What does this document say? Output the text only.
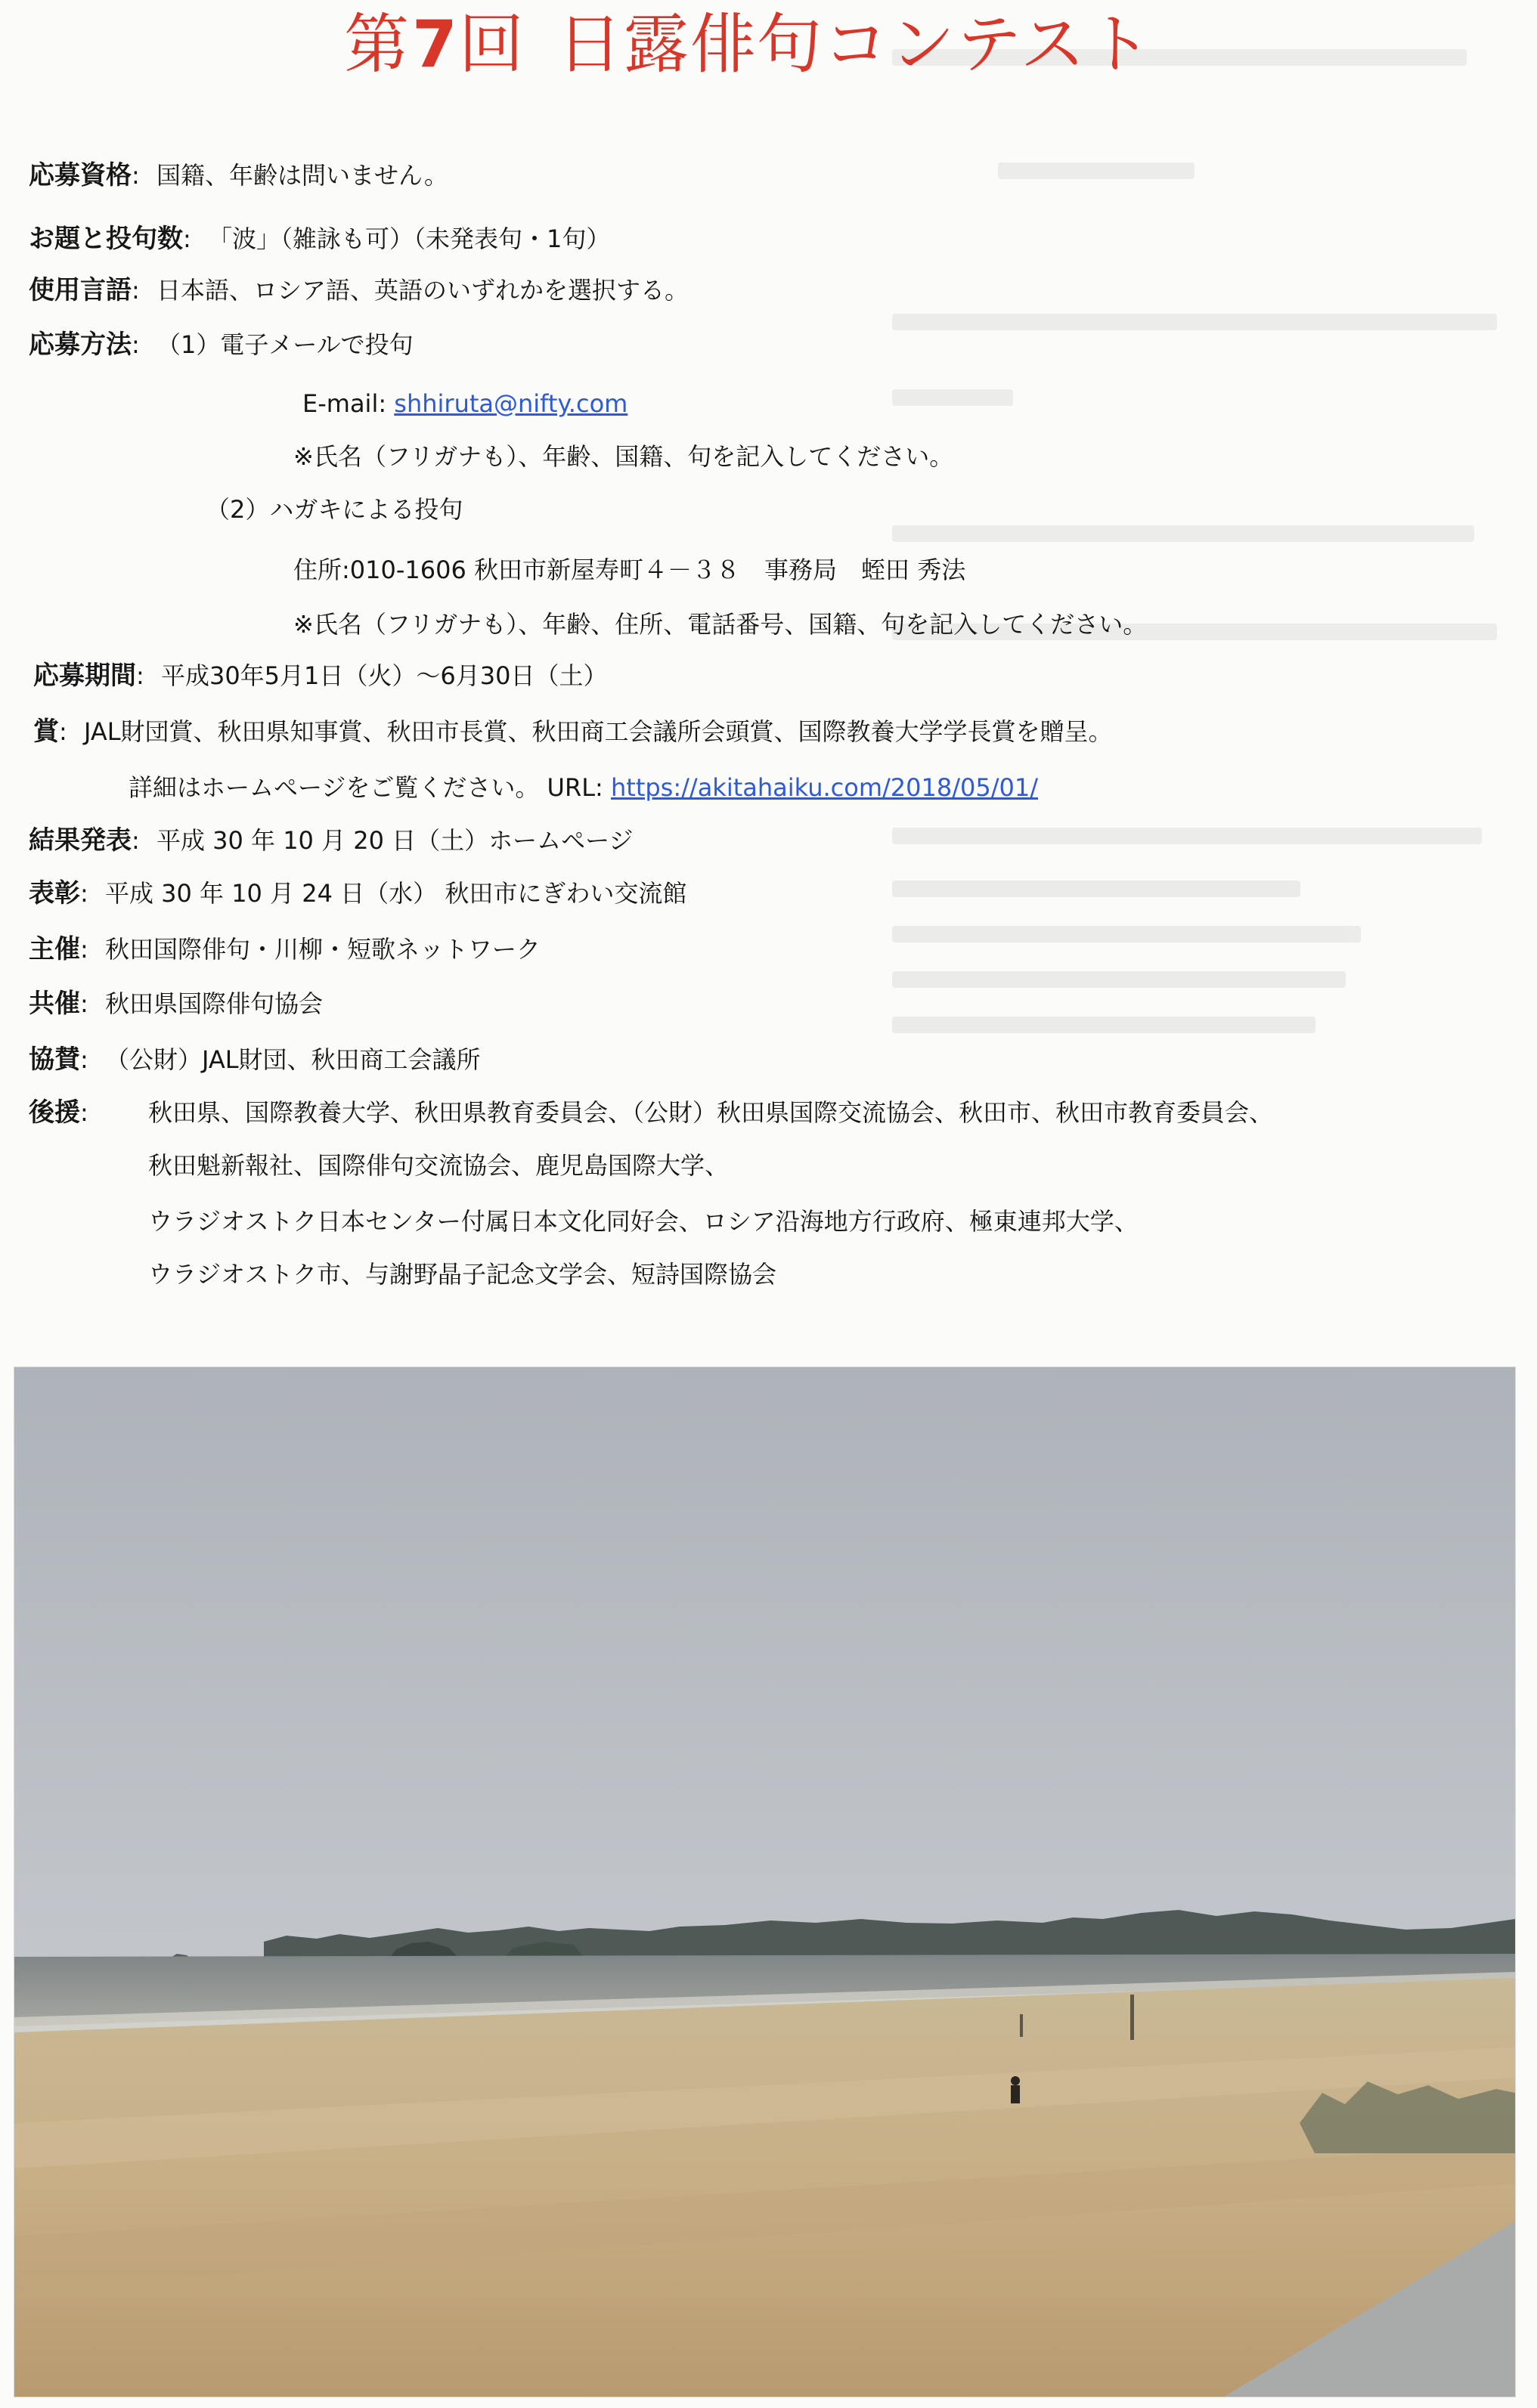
第7回 日露俳句コンテスト
応募資格: 国籍、年齢は問いません。
お題と投句数: 「波」（雑詠も可）（未発表句・1句）
使用言語: 日本語、ロシア語、英語のいずれかを選択する。
応募方法: （1）電子メールで投句
E-mail: shhiruta@nifty.com
※氏名（フリガナも）、年齢、国籍、句を記入してください。
（2）ハガキによる投句
住所:010-1606 秋田市新屋寿町４－３８　事務局　蛭田 秀法
※氏名（フリガナも）、年齢、住所、電話番号、国籍、句を記入してください。
応募期間: 平成30年5月1日（火）～6月30日（土）
賞: JAL財団賞、秋田県知事賞、秋田市長賞、秋田商工会議所会頭賞、国際教養大学学長賞を贈呈。
詳細はホームページをご覧ください。 URL: https://akitahaiku.com/2018/05/01/
結果発表: 平成 30 年 10 月 20 日（土）ホームページ
表彰: 平成 30 年 10 月 24 日（水） 秋田市にぎわい交流館
主催: 秋田国際俳句・川柳・短歌ネットワーク
共催: 秋田県国際俳句協会
協賛: （公財）JAL財団、秋田商工会議所
後援:	秋田県、国際教養大学、秋田県教育委員会、（公財）秋田県国際交流協会、秋田市、秋田市教育委員会、
秋田魁新報社、国際俳句交流協会、鹿児島国際大学、
ウラジオストク日本センター付属日本文化同好会、ロシア沿海地方行政府、極東連邦大学、
ウラジオストク市、与謝野晶子記念文学会、短詩国際協会
